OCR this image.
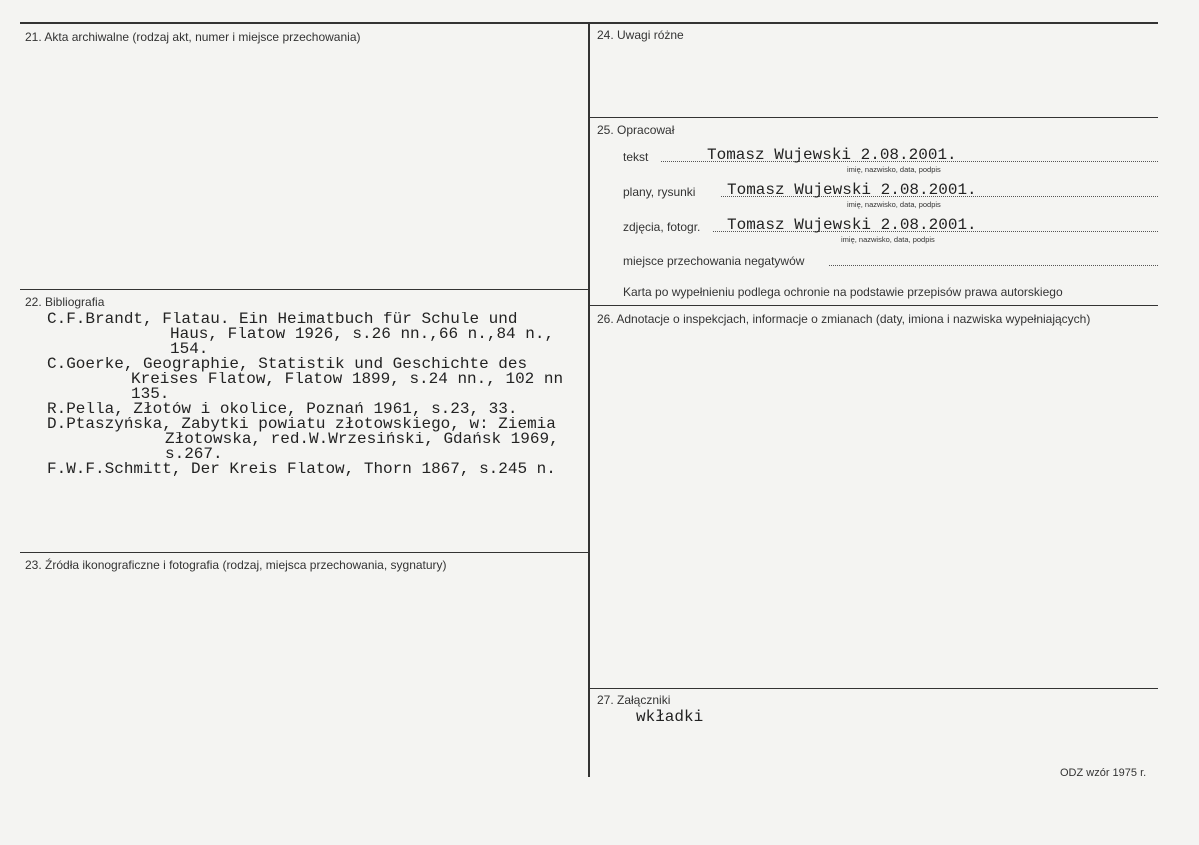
21. Akta archiwalne (rodzaj akt, numer i miejsce przechowania)
22. Bibliografia
C.F.Brandt, Flatau. Ein Heimatbuch für Schule und
Haus, Flatow 1926, s.26 nn.,66 n.,84 n.,
154.
C.Goerke, Geographie, Statistik und Geschichte des
Kreises Flatow, Flatow 1899, s.24 nn., 102 nn
135.
R.Pella, Złotów i okolice, Poznań 1961, s.23, 33.
D.Ptaszyńska, Zabytki powiatu złotowskiego, w: Ziemia
Złotowska, red.W.Wrzesiński, Gdańsk 1969,
s.267.
F.W.F.Schmitt, Der Kreis Flatow, Thorn 1867, s.245 n.
23. Źródła ikonograficzne i fotografia (rodzaj, miejsca przechowania, sygnatury)
24. Uwagi różne
25. Opracował
tekst	Tomasz Wujewski 2.08.2001.
imię, nazwisko, data, podpis
plany, rysunki Tomasz Wujewski 2.08.2001.
imię, nazwisko, data, podpis
zdjęcia, fotogr. Tomasz Wujewski 2.08.2001.
imię, nazwisko, data, podpis
miejsce przechowania negatywów
Karta po wypełnieniu podlega ochronie na podstawie przepisów prawa autorskiego
26. Adnotacje o inspekcjach, informacje o zmianach (daty, imiona i nazwiska wypełniających)
27. Załączniki
wkładki
ODZ wzór 1975 r.
